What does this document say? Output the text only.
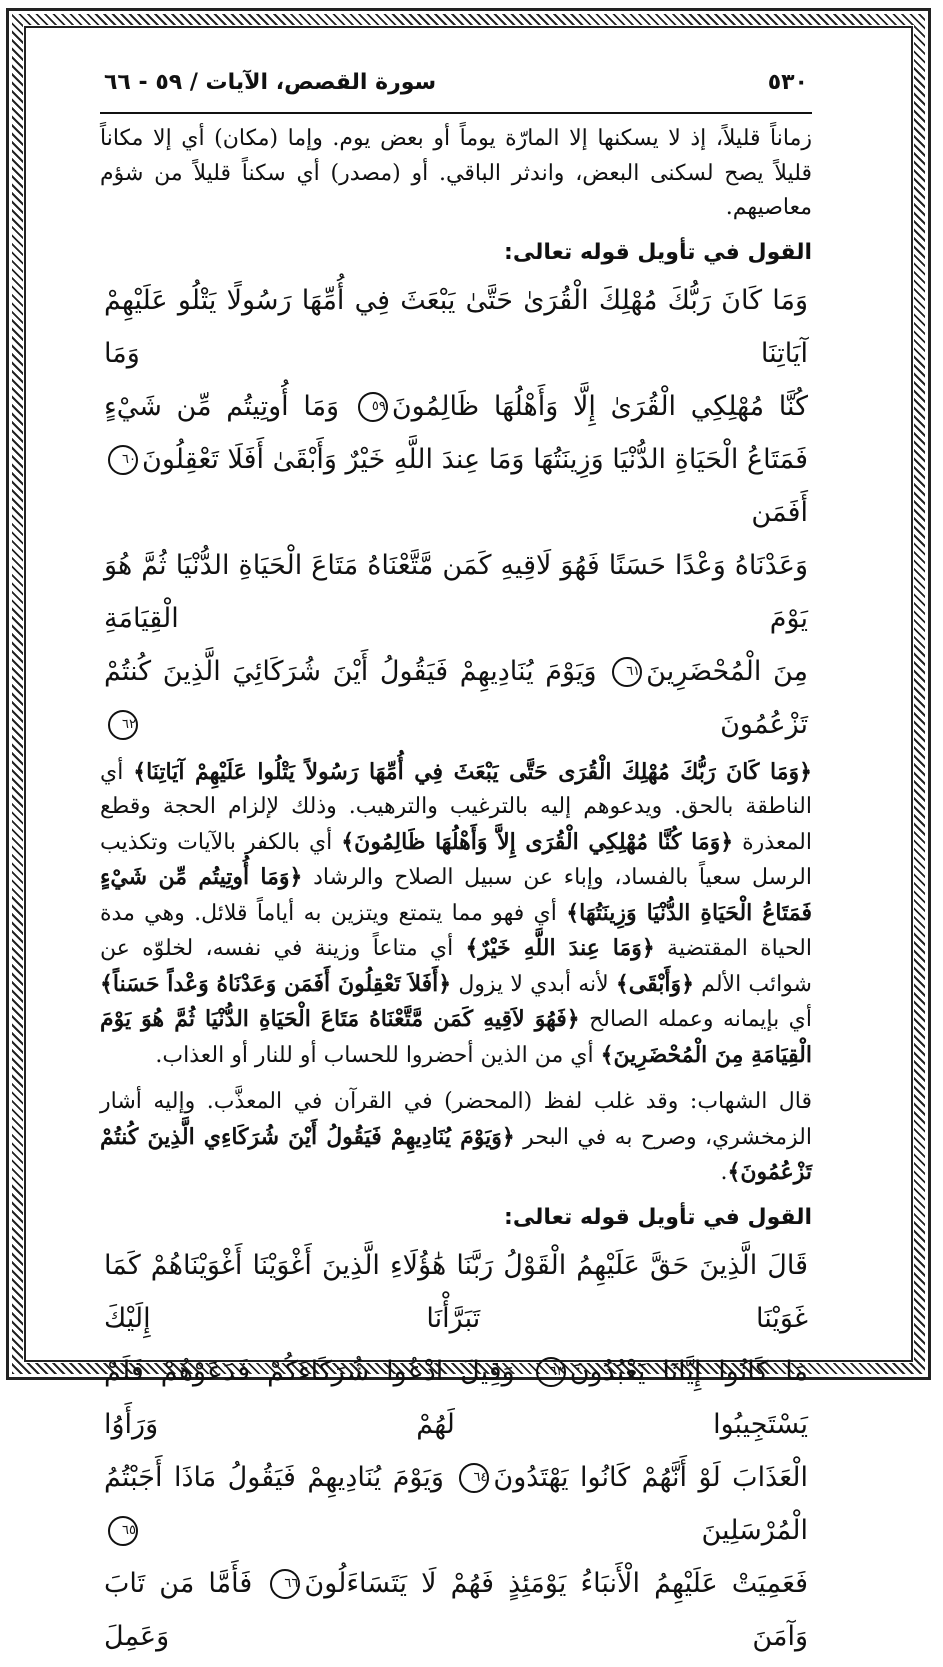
٥٣٠
سورة القصص، الآيات / ٥٩ - ٦٦

زماناً قليلاً، إذ لا يسكنها إلا المارّة يوماً أو بعض يوم. وإما (مكان) أي إلا مكاناً قليلاً يصح لسكنى البعض، واندثر الباقي. أو (مصدر) أي سكناً قليلاً من شؤم معاصيهم.

القول في تأويل قوله تعالى:
وَمَا كَانَ رَبُّكَ مُهْلِكَ الْقُرَىٰ حَتَّىٰ يَبْعَثَ فِي أُمِّهَا رَسُولًا يَتْلُو عَلَيْهِمْ آيَاتِنَا وَمَا
كُنَّا مُهْلِكِي الْقُرَىٰ إِلَّا وَأَهْلُهَا ظَالِمُونَ٥٩ وَمَا أُوتِيتُم مِّن شَيْءٍ
فَمَتَاعُ الْحَيَاةِ الدُّنْيَا وَزِينَتُهَا وَمَا عِندَ اللَّهِ خَيْرٌ وَأَبْقَىٰ أَفَلَا تَعْقِلُونَ٦٠ أَفَمَن
وَعَدْنَاهُ وَعْدًا حَسَنًا فَهُوَ لَاقِيهِ كَمَن مَّتَّعْنَاهُ مَتَاعَ الْحَيَاةِ الدُّنْيَا ثُمَّ هُوَ يَوْمَ الْقِيَامَةِ
مِنَ الْمُحْضَرِينَ٦١ وَيَوْمَ يُنَادِيهِمْ فَيَقُولُ أَيْنَ شُرَكَائِيَ الَّذِينَ كُنتُمْ تَزْعُمُونَ ٦٢

﴿وَمَا كَانَ رَبُّكَ مُهْلِكَ الْقُرَى حَتَّى يَبْعَثَ فِي أُمِّهَا رَسُولاً يَتْلُوا عَلَيْهِمْ آيَاتِنَا﴾ أي الناطقة بالحق. ويدعوهم إليه بالترغيب والترهيب. وذلك لإلزام الحجة وقطع المعذرة ﴿وَمَا كُنَّا مُهْلِكِي الْقُرَى إِلاَّ وَأَهْلُهَا ظَالِمُونَ﴾ أي بالكفر بالآيات وتكذيب الرسل سعياً بالفساد، وإباء عن سبيل الصلاح والرشاد ﴿وَمَا أُوتِيتُم مِّن شَيْءٍ فَمَتَاعُ الْحَيَاةِ الدُّنْيَا وَزِينَتُهَا﴾ أي فهو مما يتمتع ويتزين به أياماً قلائل. وهي مدة الحياة المقتضية ﴿وَمَا عِندَ اللَّهِ خَيْرٌ﴾ أي متاعاً وزينة في نفسه، لخلوّه عن شوائب الألم ﴿وَأَبْقَى﴾ لأنه أبدي لا يزول ﴿أَفَلاَ تَعْقِلُونَ أَفَمَن وَعَدْنَاهُ وَعْداً حَسَناً﴾ أي بإيمانه وعمله الصالح ﴿فَهُوَ لاَقِيهِ كَمَن مَّتَّعْنَاهُ مَتَاعَ الْحَيَاةِ الدُّنْيَا ثُمَّ هُوَ يَوْمَ الْقِيَامَةِ مِنَ الْمُحْضَرِينَ﴾ أي من الذين أحضروا للحساب أو للنار أو العذاب.

قال الشهاب: وقد غلب لفظ (المحضر) في القرآن في المعذَّب. وإليه أشار الزمخشري، وصرح به في البحر ﴿وَيَوْمَ يُنَادِيهِمْ فَيَقُولُ أَيْنَ شُرَكَاءِي الَّذِينَ كُنتُمْ تَزْعُمُونَ﴾.

القول في تأويل قوله تعالى:
قَالَ الَّذِينَ حَقَّ عَلَيْهِمُ الْقَوْلُ رَبَّنَا هَٰؤُلَاءِ الَّذِينَ أَغْوَيْنَا أَغْوَيْنَاهُمْ كَمَا غَوَيْنَا تَبَرَّأْنَا إِلَيْكَ
مَا كَانُوا إِيَّانَا يَعْبُدُونَ٦٣ وَقِيلَ ادْعُوا شُرَكَاءَكُمْ فَدَعَوْهُمْ فَلَمْ يَسْتَجِيبُوا لَهُمْ وَرَأَوُا
الْعَذَابَ لَوْ أَنَّهُمْ كَانُوا يَهْتَدُونَ٦٤ وَيَوْمَ يُنَادِيهِمْ فَيَقُولُ مَاذَا أَجَبْتُمُ الْمُرْسَلِينَ ٦٥
فَعَمِيَتْ عَلَيْهِمُ الْأَنبَاءُ يَوْمَئِذٍ فَهُمْ لَا يَتَسَاءَلُونَ٦٦ فَأَمَّا مَن تَابَ وَآمَنَ وَعَمِلَ
